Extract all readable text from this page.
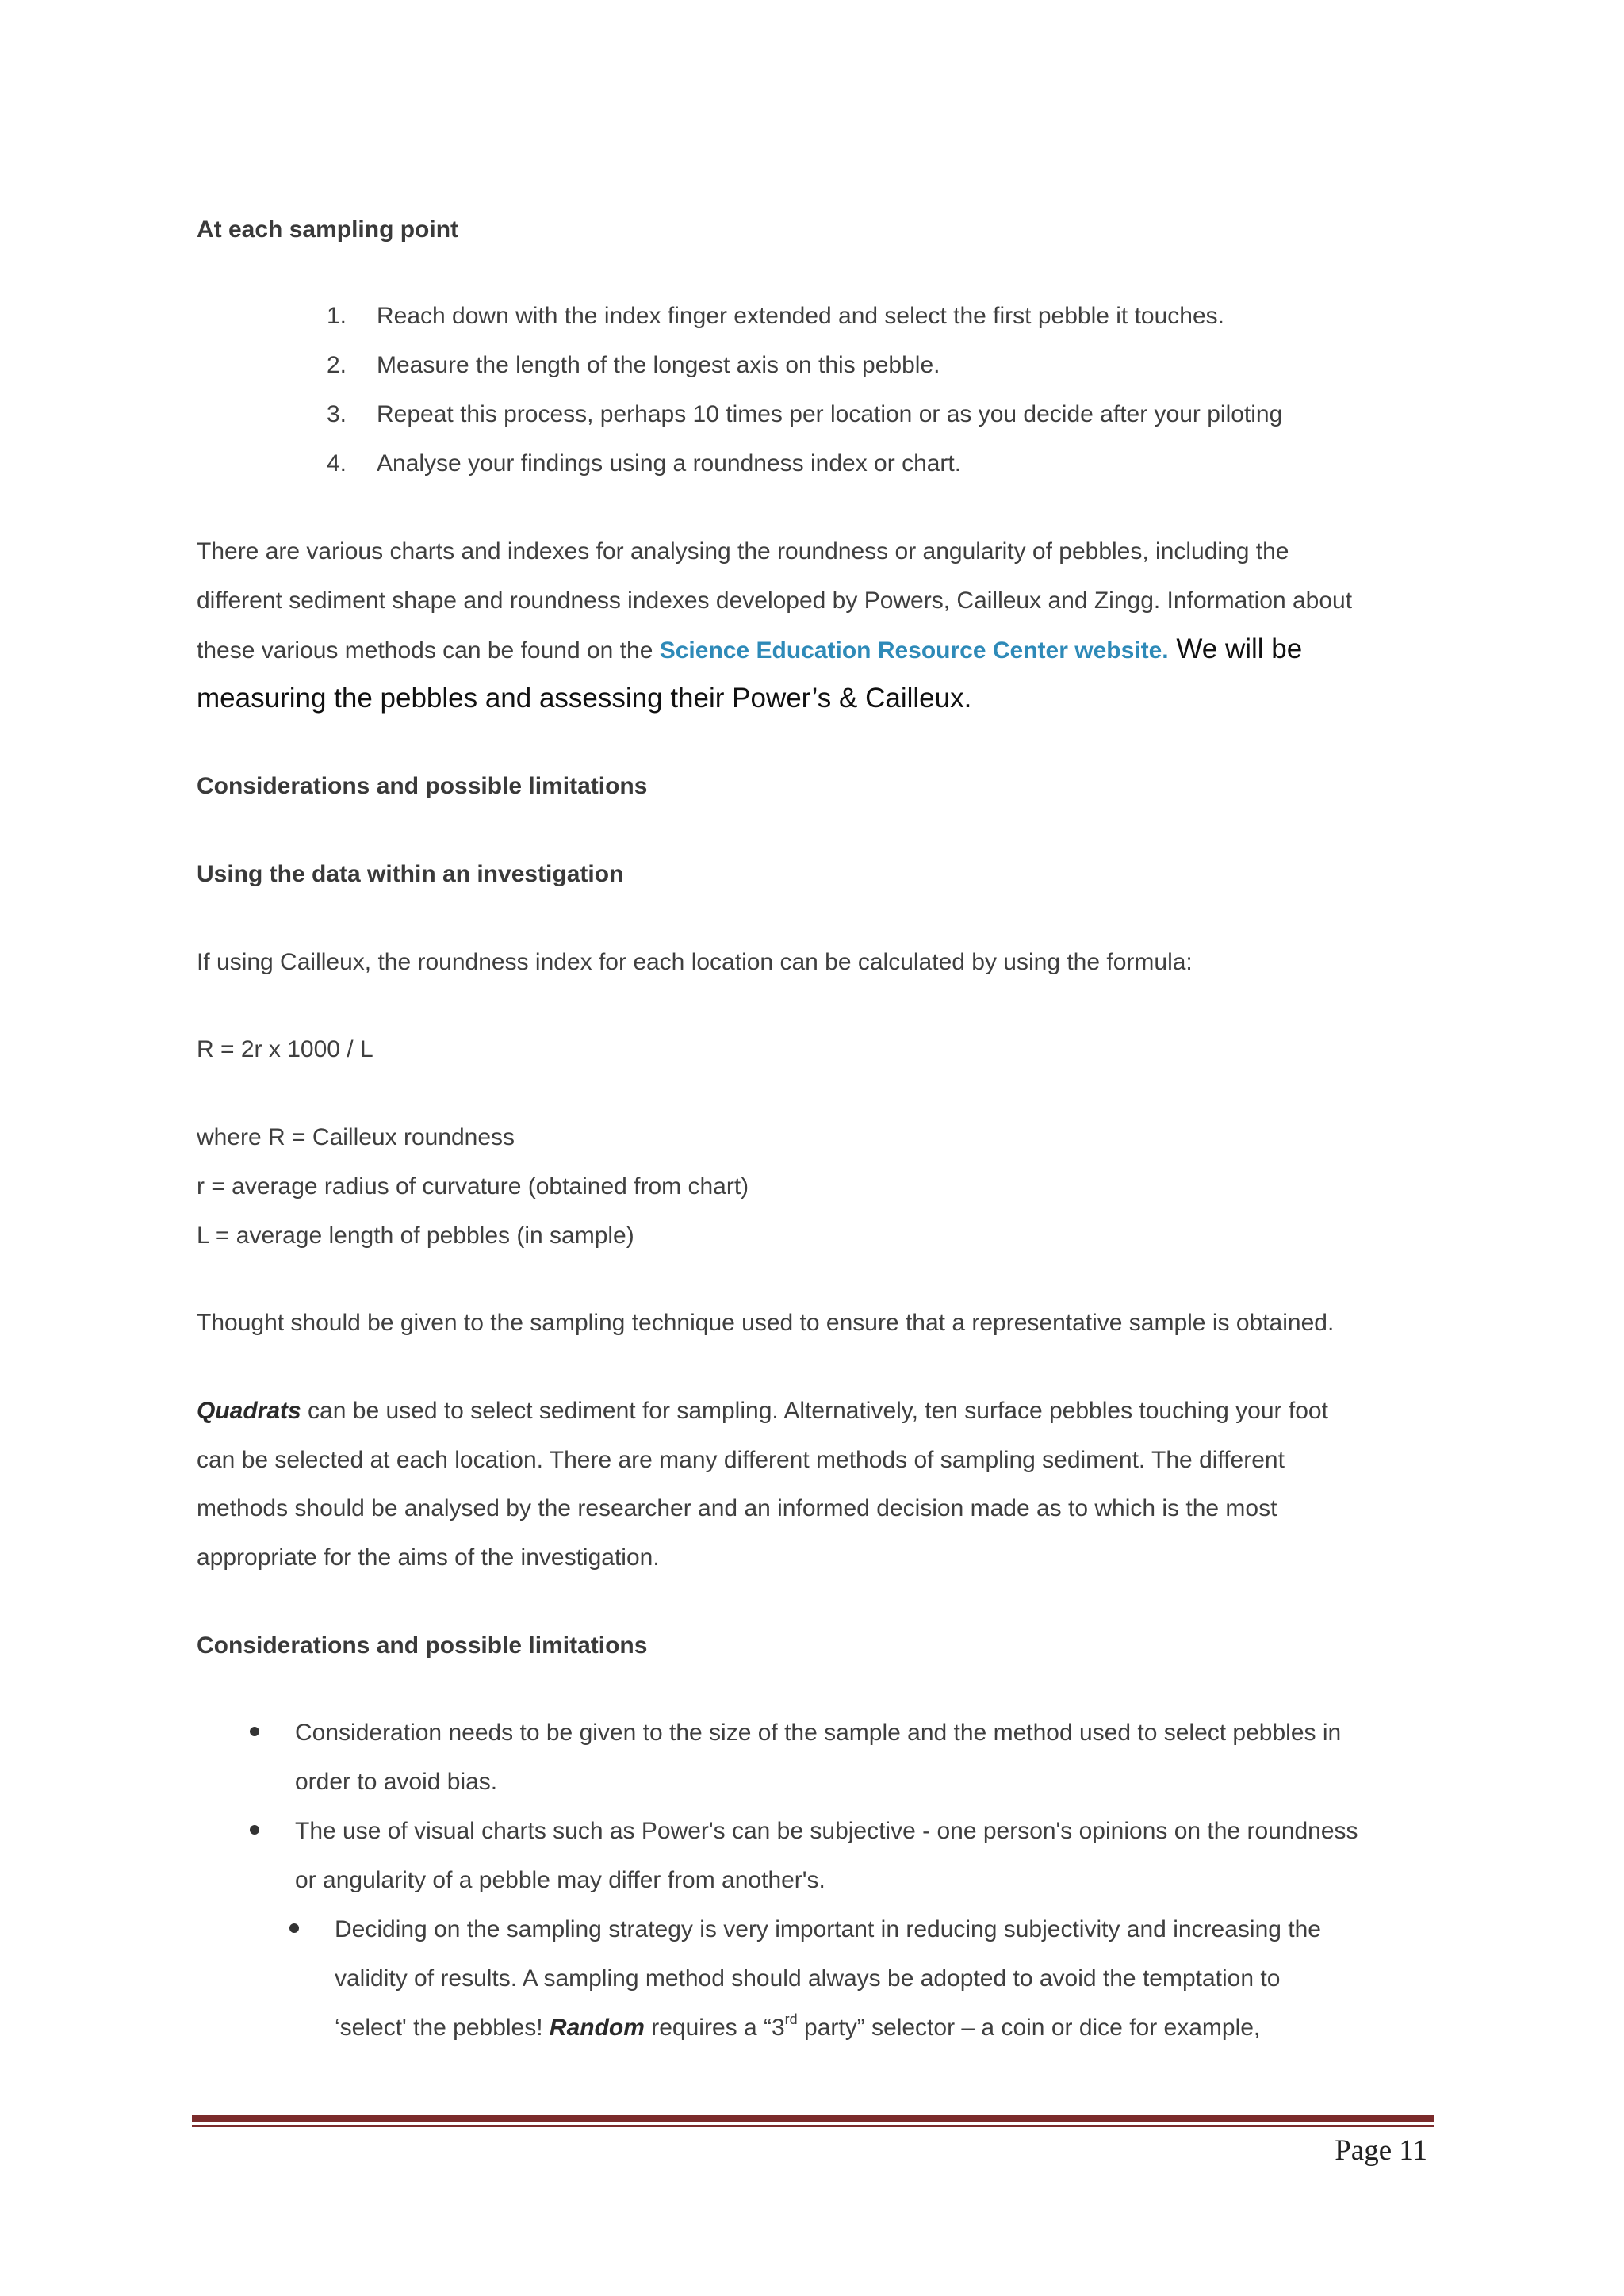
At each sampling point
1. Reach down with the index finger extended and select the first pebble it touches.
2. Measure the length of the longest axis on this pebble.
3. Repeat this process, perhaps 10 times per location or as you decide after your piloting
4. Analyse your findings using a roundness index or chart.
There are various charts and indexes for analysing the roundness or angularity of pebbles, including the
different sediment shape and roundness indexes developed by Powers, Cailleux and Zingg. Information about
these various methods can be found on the Science Education Resource Center website. We will be
measuring the pebbles and assessing their Power’s & Cailleux.
Considerations and possible limitations
Using the data within an investigation
If using Cailleux, the roundness index for each location can be calculated by using the formula:
R = 2r x 1000 / L
where R = Cailleux roundness
r = average radius of curvature (obtained from chart)
L = average length of pebbles (in sample)
Thought should be given to the sampling technique used to ensure that a representative sample is obtained.
Quadrats can be used to select sediment for sampling. Alternatively, ten surface pebbles touching your foot
can be selected at each location. There are many different methods of sampling sediment. The different
methods should be analysed by the researcher and an informed decision made as to which is the most
appropriate for the aims of the investigation.
Considerations and possible limitations
Consideration needs to be given to the size of the sample and the method used to select pebbles in
order to avoid bias.
The use of visual charts such as Power's can be subjective - one person's opinions on the roundness
or angularity of a pebble may differ from another's.
Deciding on the sampling strategy is very important in reducing subjectivity and increasing the
validity of results. A sampling method should always be adopted to avoid the temptation to
‘select' the pebbles! Random requires a “3rd party” selector – a coin or dice for example,
Page 11
